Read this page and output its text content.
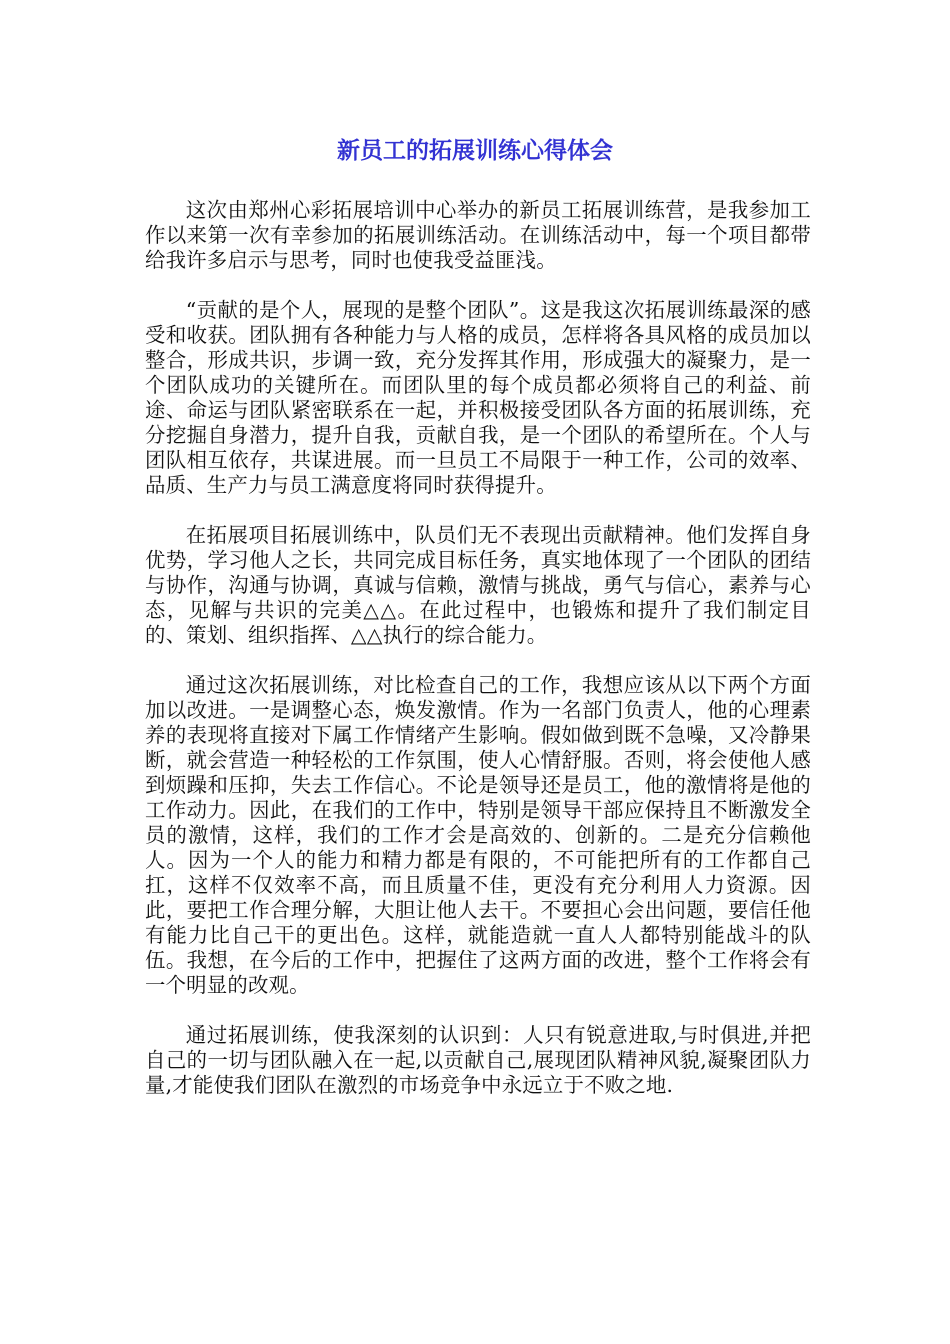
新员工的拓展训练心得体会

这次由郑州心彩拓展培训中心举办的新员工拓展训练营，是我参加工作以来第一次有幸参加的拓展训练活动。在训练活动中，每一个项目都带给我许多启示与思考，同时也使我受益匪浅。

“贡献的是个人，展现的是整个团队”。这是我这次拓展训练最深的感受和收获。团队拥有各种能力与人格的成员，怎样将各具风格的成员加以整合，形成共识，步调一致，充分发挥其作用，形成强大的凝聚力，是一个团队成功的关键所在。而团队里的每个成员都必须将自己的利益、前途、命运与团队紧密联系在一起，并积极接受团队各方面的拓展训练，充分挖掘自身潜力，提升自我，贡献自我，是一个团队的希望所在。个人与团队相互依存，共谋进展。而一旦员工不局限于一种工作，公司的效率、品质、生产力与员工满意度将同时获得提升。

在拓展项目拓展训练中，队员们无不表现出贡献精神。他们发挥自身优势，学习他人之长，共同完成目标任务，真实地体现了一个团队的团结与协作，沟通与协调，真诚与信赖，激情与挑战，勇气与信心，素养与心态，见解与共识的完美△△。在此过程中，也锻炼和提升了我们制定目的、策划、组织指挥、△△执行的综合能力。

通过这次拓展训练，对比检查自己的工作，我想应该从以下两个方面加以改进。一是调整心态，焕发激情。作为一名部门负责人，他的心理素养的表现将直接对下属工作情绪产生影响。假如做到既不急噪，又冷静果断，就会营造一种轻松的工作氛围，使人心情舒服。否则，将会使他人感到烦躁和压抑，失去工作信心。不论是领导还是员工，他的激情将是他的工作动力。因此，在我们的工作中，特别是领导干部应保持且不断激发全员的激情，这样，我们的工作才会是高效的、创新的。二是充分信赖他人。因为一个人的能力和精力都是有限的，不可能把所有的工作都自己扛，这样不仅效率不高，而且质量不佳，更没有充分利用人力资源。因此，要把工作合理分解，大胆让他人去干。不要担心会出问题，要信任他有能力比自己干的更出色。这样，就能造就一直人人都特别能战斗的队伍。我想，在今后的工作中，把握住了这两方面的改进，整个工作将会有一个明显的改观。

通过拓展训练，使我深刻的认识到：人只有锐意进取,与时俱进,并把自己的一切与团队融入在一起,以贡献自己,展现团队精神风貌,凝聚团队力量,才能使我们团队在激烈的市场竞争中永远立于不败之地.
